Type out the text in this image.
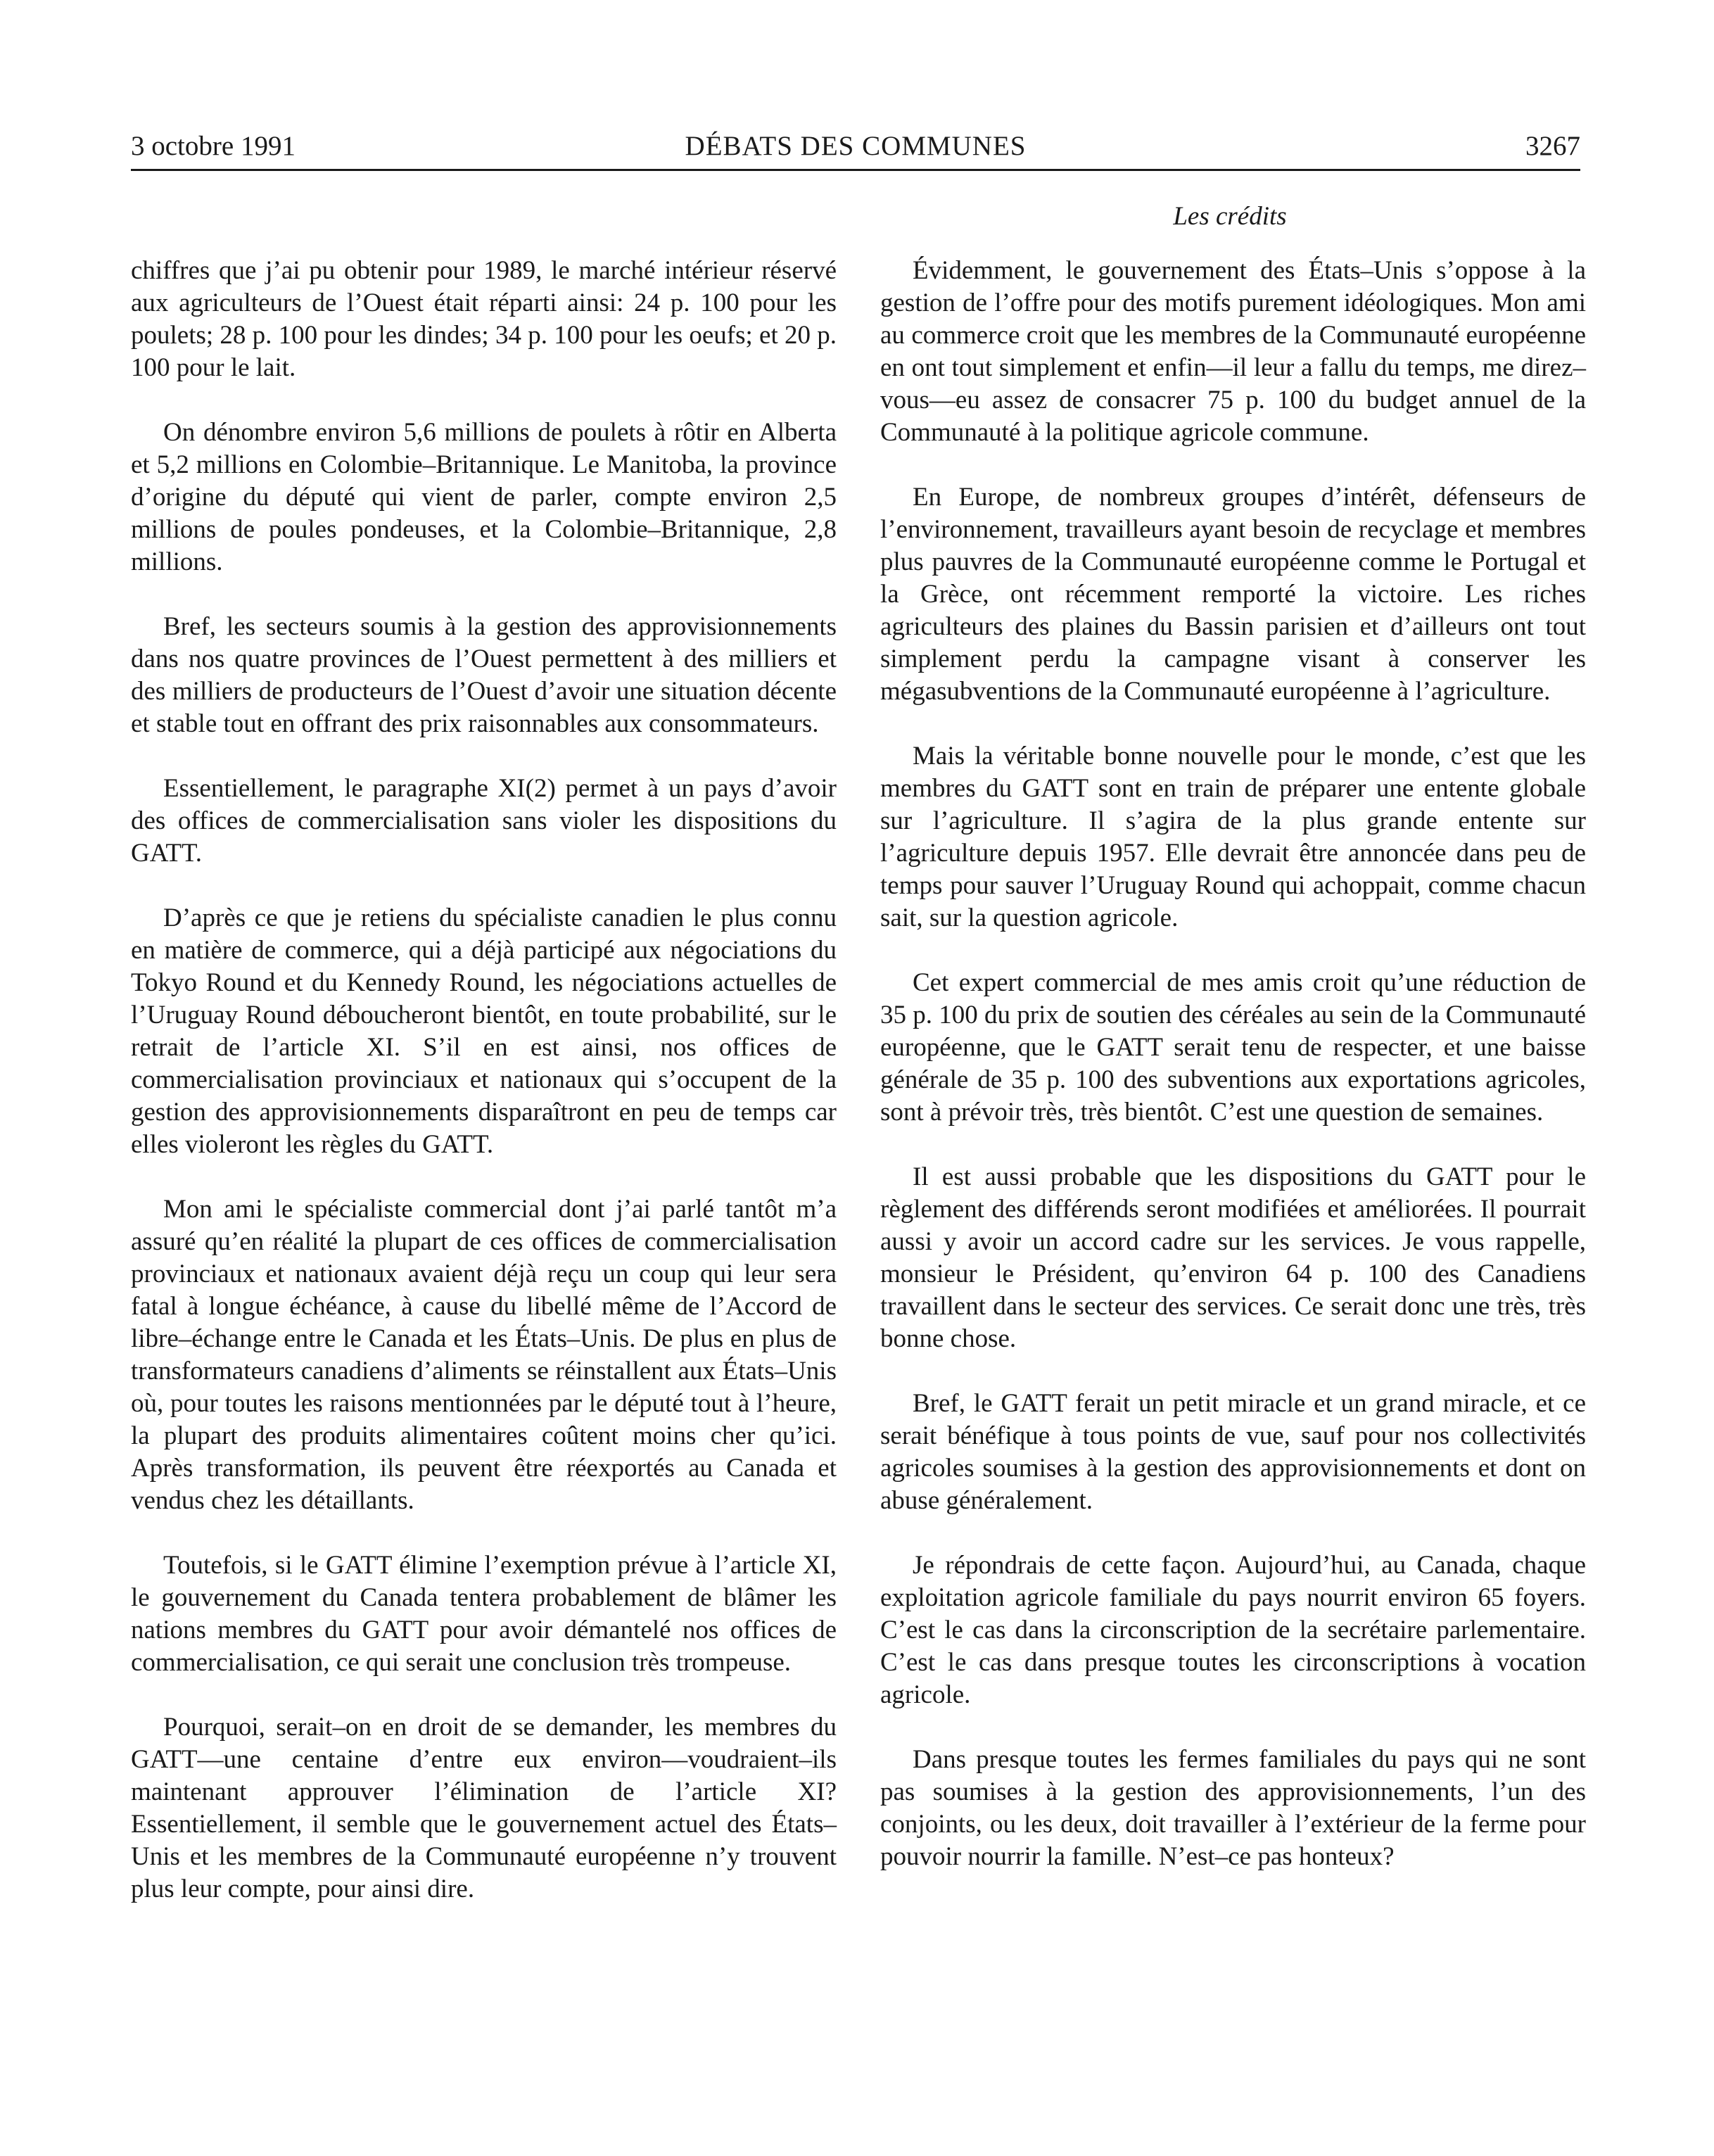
3 octobre 1991	DÉBATS DES COMMUNES	3267

Les crédits

chiffres que j’ai pu obtenir pour 1989, le marché intérieur réservé aux agriculteurs de l’Ouest était réparti ainsi: 24 p. 100 pour les poulets; 28 p. 100 pour les dindes; 34 p. 100 pour les oeufs; et 20 p. 100 pour le lait.

On dénombre environ 5,6 millions de poulets à rôtir en Alberta et 5,2 millions en Colombie–Britannique. Le Manitoba, la province d’origine du député qui vient de parler, compte environ 2,5 millions de poules pondeuses, et la Colombie–Britannique, 2,8 millions.

Bref, les secteurs soumis à la gestion des approvisionnements dans nos quatre provinces de l’Ouest permettent à des milliers et des milliers de producteurs de l’Ouest d’avoir une situation décente et stable tout en offrant des prix raisonnables aux consommateurs.

Essentiellement, le paragraphe XI(2) permet à un pays d’avoir des offices de commercialisation sans violer les dispositions du GATT.

D’après ce que je retiens du spécialiste canadien le plus connu en matière de commerce, qui a déjà participé aux négociations du Tokyo Round et du Kennedy Round, les négociations actuelles de l’Uruguay Round déboucheront bientôt, en toute probabilité, sur le retrait de l’article XI. S’il en est ainsi, nos offices de commercialisation provinciaux et nationaux qui s’occupent de la gestion des approvisionnements disparaîtront en peu de temps car elles violeront les règles du GATT.

Mon ami le spécialiste commercial dont j’ai parlé tantôt m’a assuré qu’en réalité la plupart de ces offices de commercialisation provinciaux et nationaux avaient déjà reçu un coup qui leur sera fatal à longue échéance, à cause du libellé même de l’Accord de libre–échange entre le Canada et les États–Unis. De plus en plus de transformateurs canadiens d’aliments se réinstallent aux États–Unis où, pour toutes les raisons mentionnées par le député tout à l’heure, la plupart des produits alimentaires coûtent moins cher qu’ici. Après transformation, ils peuvent être réexportés au Canada et vendus chez les détaillants.

Toutefois, si le GATT élimine l’exemption prévue à l’article XI, le gouvernement du Canada tentera probablement de blâmer les nations membres du GATT pour avoir démantelé nos offices de commercialisation, ce qui serait une conclusion très trompeuse.

Pourquoi, serait–on en droit de se demander, les membres du GATT—une centaine d’entre eux environ—voudraient–ils maintenant approuver l’élimination de l’article XI? Essentiellement, il semble que le gouvernement actuel des États–Unis et les membres de la Communauté européenne n’y trouvent plus leur compte, pour ainsi dire.

Évidemment, le gouvernement des États–Unis s’oppose à la gestion de l’offre pour des motifs purement idéologiques. Mon ami au commerce croit que les membres de la Communauté européenne en ont tout simplement et enfin—il leur a fallu du temps, me direz–vous—eu assez de consacrer 75 p. 100 du budget annuel de la Communauté à la politique agricole commune.

En Europe, de nombreux groupes d’intérêt, défenseurs de l’environnement, travailleurs ayant besoin de recyclage et membres plus pauvres de la Communauté européenne comme le Portugal et la Grèce, ont récemment remporté la victoire. Les riches agriculteurs des plaines du Bassin parisien et d’ailleurs ont tout simplement perdu la campagne visant à conserver les mégasubventions de la Communauté européenne à l’agriculture.

Mais la véritable bonne nouvelle pour le monde, c’est que les membres du GATT sont en train de préparer une entente globale sur l’agriculture. Il s’agira de la plus grande entente sur l’agriculture depuis 1957. Elle devrait être annoncée dans peu de temps pour sauver l’Uruguay Round qui achoppait, comme chacun sait, sur la question agricole.

Cet expert commercial de mes amis croit qu’une réduction de 35 p. 100 du prix de soutien des céréales au sein de la Communauté européenne, que le GATT serait tenu de respecter, et une baisse générale de 35 p. 100 des subventions aux exportations agricoles, sont à prévoir très, très bientôt. C’est une question de semaines.

Il est aussi probable que les dispositions du GATT pour le règlement des différends seront modifiées et améliorées. Il pourrait aussi y avoir un accord cadre sur les services. Je vous rappelle, monsieur le Président, qu’environ 64 p. 100 des Canadiens travaillent dans le secteur des services. Ce serait donc une très, très bonne chose.

Bref, le GATT ferait un petit miracle et un grand miracle, et ce serait bénéfique à tous points de vue, sauf pour nos collectivités agricoles soumises à la gestion des approvisionnements et dont on abuse généralement.

Je répondrais de cette façon. Aujourd’hui, au Canada, chaque exploitation agricole familiale du pays nourrit environ 65 foyers. C’est le cas dans la circonscription de la secrétaire parlementaire. C’est le cas dans presque toutes les circonscriptions à vocation agricole.

Dans presque toutes les fermes familiales du pays qui ne sont pas soumises à la gestion des approvisionnements, l’un des conjoints, ou les deux, doit travailler à l’extérieur de la ferme pour pouvoir nourrir la famille. N’est–ce pas honteux?
